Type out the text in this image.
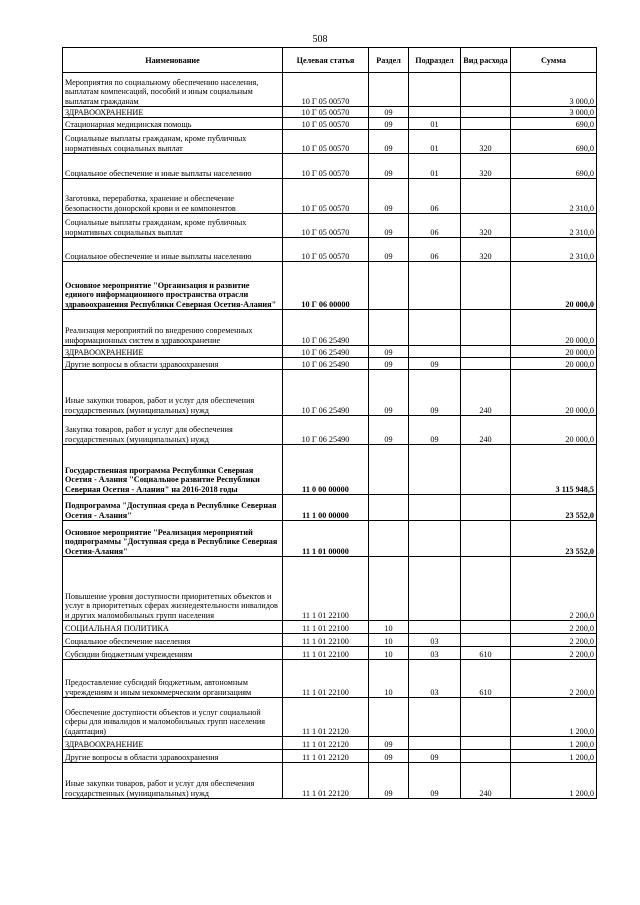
508
Наименование	Целевая статья	Раздел	Подраздел	Вид расхода	Сумма
Мероприятия по социальному обеспечению населения, выплатам компенсаций, пособий и иным социальным выплатам гражданам	10 Г 05 00570				3 000,0
ЗДРАВООХРАНЕНИЕ	10 Г 05 00570	09			3 000,0
Стационарная медицинская помощь	10 Г 05 00570	09	01		690,0
Социальные выплаты гражданам, кроме публичных нормативных социальных выплат	10 Г 05 00570	09	01	320	690,0
Социальное обеспечение и иные выплаты населению	10 Г 05 00570	09	01	320	690,0
Заготовка, переработка, хранение и обеспечение безопасности донорской крови и ее компонентов	10 Г 05 00570	09	06		2 310,0
Социальные выплаты гражданам, кроме публичных нормативных социальных выплат	10 Г 05 00570	09	06	320	2 310,0
Социальное обеспечение и иные выплаты населению	10 Г 05 00570	09	06	320	2 310,0
Основное мероприятие "Организация и развитие единого информационного пространства отрасли здравоохранения Республики Северная Осетия-Алания"	10 Г 06 00000				20 000,0
Реализация мероприятий по внедрению современных информационных систем в здравоохранение	10 Г 06 25490				20 000,0
ЗДРАВООХРАНЕНИЕ	10 Г 06 25490	09			20 000,0
Другие вопросы в области здравоохранения	10 Г 06 25490	09	09		20 000,0
Иные закупки товаров, работ и услуг для обеспечения государственных (муниципальных) нужд	10 Г 06 25490	09	09	240	20 000,0
Закупка товаров, работ и услуг для обеспечения государственных (муниципальных) нужд	10 Г 06 25490	09	09	240	20 000,0
Государственная программа Республики Северная Осетия - Алания "Социальное развитие Республики Северная Осетия - Алания" на 2016-2018 годы	11 0 00 00000				3 115 948,5
Подпрограмма "Доступная среда в Республике Северная Осетия - Алания"	11 1 00 00000				23 552,0
Основное мероприятие "Реализация мероприятий подпрограммы "Доступная среда в Республике Северная Осетия-Алания"	11 1 01 00000				23 552,0
Повышение уровня доступности приоритетных объектов и услуг в приоритетных сферах жизнедеятельности инвалидов и других маломобильных групп населения	11 1 01 22100				2 200,0
СОЦИАЛЬНАЯ ПОЛИТИКА	11 1 01 22100	10			2 200,0
Социальное обеспечение населения	11 1 01 22100	10	03		2 200,0
Субсидии бюджетным учреждениям	11 1 01 22100	10	03	610	2 200,0
Предоставление субсидий бюджетным, автономным учреждениям и иным некоммерческим организациям	11 1 01 22100	10	03	610	2 200,0
Обеспечение доступности объектов и услуг социальной сферы для инвалидов и маломобильных групп населения (адаптация)	11 1 01 22120				1 200,0
ЗДРАВООХРАНЕНИЕ	11 1 01 22120	09			1 200,0
Другие вопросы в области здравоохранения	11 1 01 22120	09	09		1 200,0
Иные закупки товаров, работ и услуг для обеспечения государственных (муниципальных) нужд	11 1 01 22120	09	09	240	1 200,0
